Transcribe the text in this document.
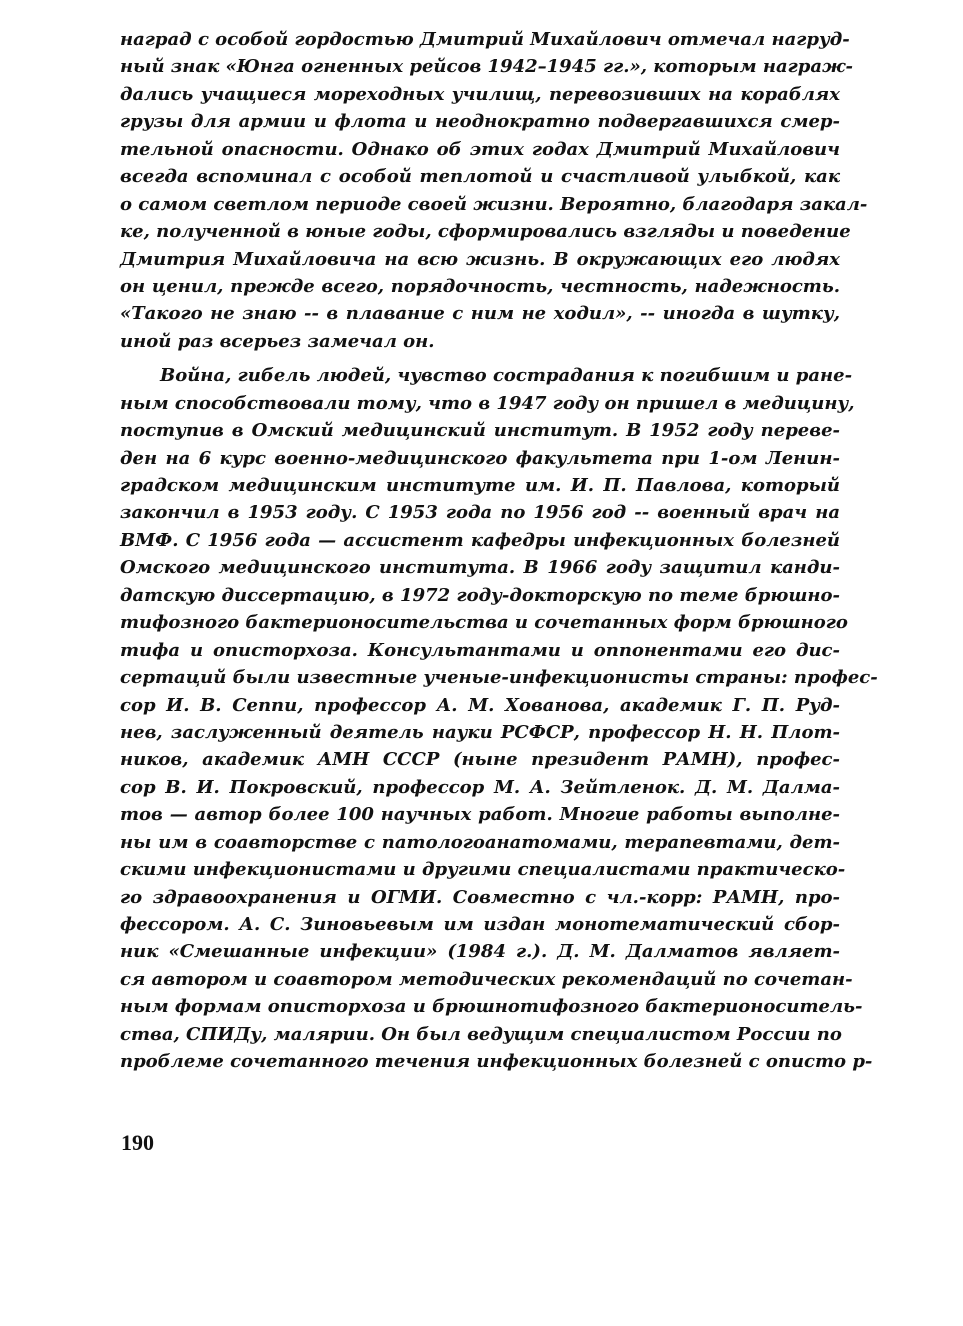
наград с особой гордостью Дмитрий Михайлович отмечал нагруд-
ный знак «Юнга огненных рейсов 1942–1945 гг.», которым награж-
дались учащиеся мореходных училищ, перевозивших на кораблях
грузы для армии и флота и неоднократно подвергавшихся смер-
тельной опасности. Однако об этих годах Дмитрий Михайлович
всегда вспоминал с особой теплотой и счастливой улыбкой, как
о самом светлом периоде своей жизни. Вероятно, благодаря закал-
ке, полученной в юные годы, сформировались взгляды и поведение
Дмитрия Михайловича на всю жизнь. В окружающих его людях
он ценил, прежде всего, порядочность, честность, надежность.
«Такого не знаю -- в плавание с ним не ходил», -- иногда в шутку,
иной раз всерьез замечал он.
Война, гибель людей, чувство сострадания к погибшим и ране-
ным способствовали тому, что в 1947 году он пришел в медицину,
поступив в Омский медицинский институт. В 1952 году переве-
ден на 6 курс военно-медицинского факультета при 1-ом Ленин-
градском медицинским институте им. И. П. Павлова, который
закончил в 1953 году. С 1953 года по 1956 год -- военный врач на
ВМФ. С 1956 года — ассистент кафедры инфекционных болезней
Омского медицинского института. В 1966 году защитил канди-
датскую диссертацию, в 1972 году-докторскую по теме брюшно-
тифозного бактерионосительства и сочетанных форм брюшного
тифа и описторхоза. Консультантами и оппонентами его дис-
сертаций были известные ученые-инфекционисты страны: профес-
сор И. В. Сеппи, профессор А. М. Хованова, академик Г. П. Руд-
нев, заслуженный деятель науки РСФСР, профессор Н. Н. Плот-
ников, академик АМН СССР (ныне президент РАМН), профес-
сор В. И. Покровский, профессор М. А. Зейтленок. Д. М. Далма-
тов — автор более 100 научных работ. Многие работы выполне-
ны им в соавторстве с патологоанатомами, терапевтами, дет-
скими инфекционистами и другими специалистами практическо-
го здравоохранения и ОГМИ. Совместно с чл.-корр: РАМН, про-
фессором. А. С. Зиновьевым им издан монотематический сбор-
ник «Смешанные инфекции» (1984 г.). Д. М. Далматов являет-
ся автором и соавтором методических рекомендаций по сочетан-
ным формам описторхоза и брюшнотифозного бактерионоситель-
ства, СПИДу, малярии. Он был ведущим специалистом России по
проблеме сочетанного течения инфекционных болезней с описто р-
190
